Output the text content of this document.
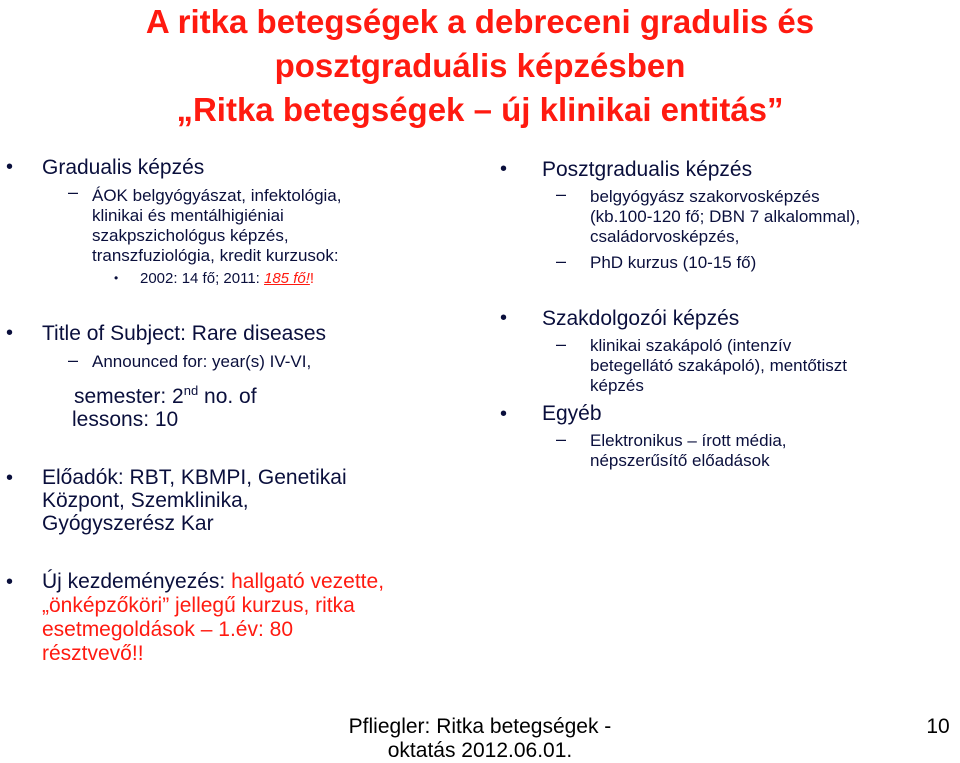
A ritka betegségek a debreceni gradulis és
posztgraduális képzésben
„Ritka betegségek – új klinikai entitás”
• Gradualis képzés
– ÁOK belgyógyászat, infektológia,
klinikai és mentálhigiéniai
szakpszichológus képzés,
transzfuziológia, kredit kurzusok:
• 2002: 14 fő; 2011: 185 fő!!
• Title of Subject: Rare diseases
– Announced for: year(s) IV-VI,
semester: 2nd no. of
lessons: 10
• Előadók: RBT, KBMPI, Genetikai
Központ, Szemklinika,
Gyógyszerész Kar
• Posztgradualis képzés
– belgyógyász szakorvosképzés
(kb.100-120 fő; DBN 7 alkalommal),
családorvosképzés,
– PhD kurzus (10-15 fő)
• Szakdolgozói képzés
– klinikai szakápoló (intenzív
betegellátó szakápoló), mentőtiszt
képzés
• Egyéb
– Elektronikus – írott média,
népszerűsítő előadások
• Új kezdeményezés: hallgató vezette,
„önképzőköri” jellegű kurzus, ritka
esetmegoldások – 1.év: 80
résztvevő!!
Pfliegler: Ritka betegségek -
oktatás 2012.06.01.
10
